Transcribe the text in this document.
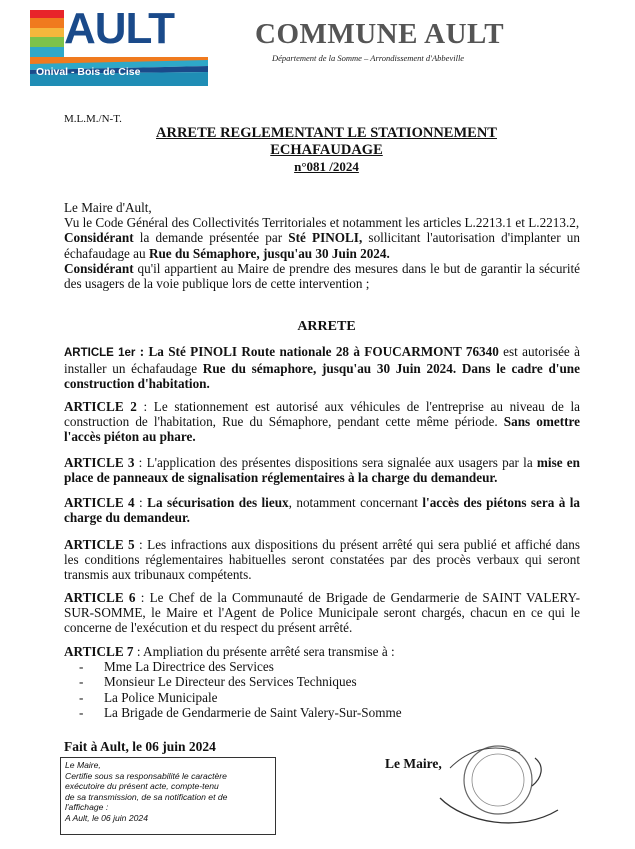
AULT
Onival - Bois de Cise
COMMUNE AULT
Département de la Somme – Arrondissement d'Abbeville
M.L.M./N-T.
ARRETE REGLEMENTANT LE STATIONNEMENT
ECHAFAUDAGE
n°081 /2024
Le Maire d'Ault,
Vu le Code Général des Collectivités Territoriales et notamment les articles L.2213.1 et L.2213.2,
Considérant la demande présentée par Sté PINOLI, sollicitant l'autorisation d'implanter un échafaudage au Rue du Sémaphore, jusqu'au 30 Juin 2024.
Considérant qu'il appartient au Maire de prendre des mesures dans le but de garantir la sécurité des usagers de la voie publique lors de cette intervention ;
ARRETE
ARTICLE 1er : La Sté PINOLI Route nationale 28 à FOUCARMONT 76340 est autorisée à installer un échafaudage Rue du sémaphore, jusqu'au 30 Juin 2024. Dans le cadre d'une construction d'habitation.
ARTICLE 2 : Le stationnement est autorisé aux véhicules de l'entreprise au niveau de la construction de l'habitation, Rue du Sémaphore, pendant cette même période. Sans omettre l'accès piéton au phare.
ARTICLE 3 : L'application des présentes dispositions sera signalée aux usagers par la mise en place de panneaux de signalisation réglementaires à la charge du demandeur.
ARTICLE 4 : La sécurisation des lieux, notamment concernant l'accès des piétons sera à la charge du demandeur.
ARTICLE 5 : Les infractions aux dispositions du présent arrêté qui sera publié et affiché dans les conditions réglementaires habituelles seront constatées par des procès verbaux qui seront transmis aux tribunaux compétents.
ARTICLE 6 : Le Chef de la Communauté de Brigade de Gendarmerie de SAINT VALERY-SUR-SOMME, le Maire et l'Agent de Police Municipale seront chargés, chacun en ce qui le concerne de l'exécution et du respect du présent arrêté.
ARTICLE 7 : Ampliation du présente arrêté sera transmise à :
- Mme La Directrice des Services
- Monsieur Le Directeur des Services Techniques
- La Police Municipale
- La Brigade de Gendarmerie de Saint Valery-Sur-Somme
Fait à Ault, le 06 juin 2024
Le Maire,
Certifie sous sa responsabilité le caractère
exécutoire du présent acte, compte-tenu
de sa transmission, de sa notification et de
l'affichage :
A Ault, le 06 juin 2024
Le Maire,
